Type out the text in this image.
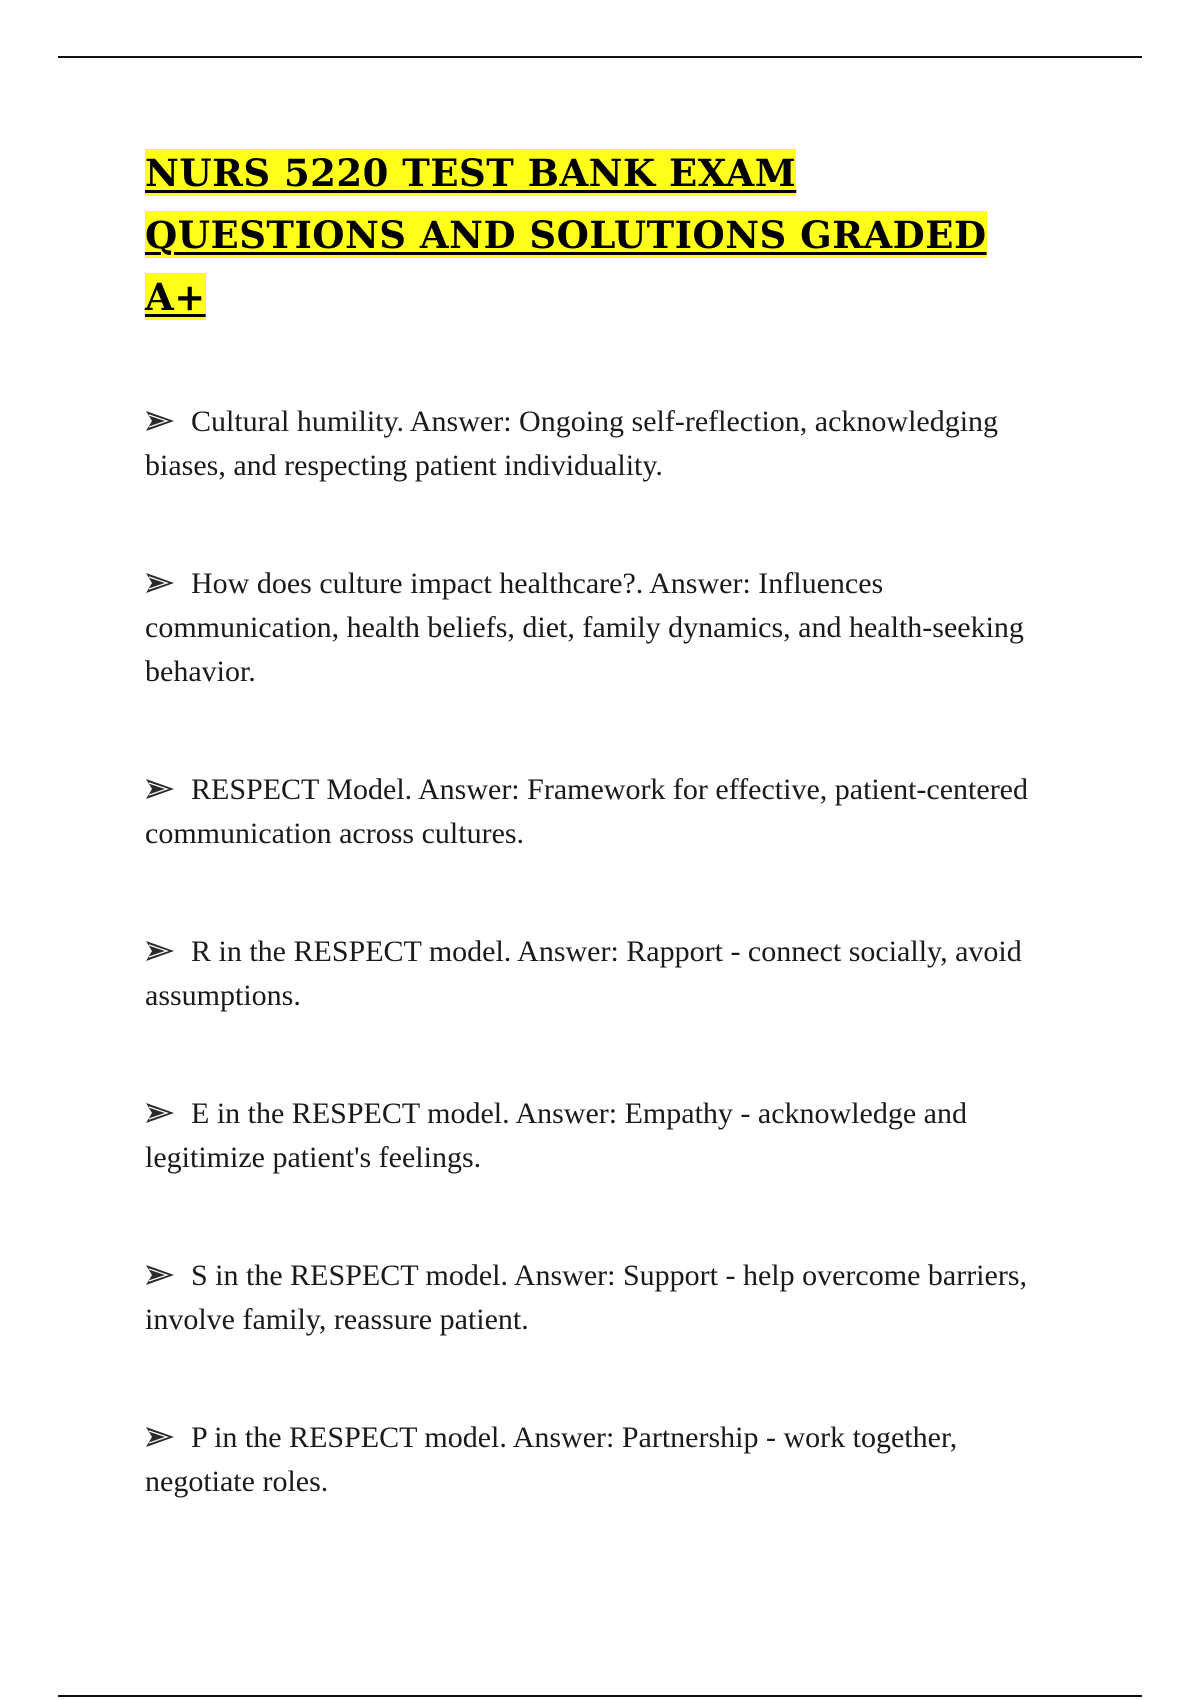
NURS 5220 TEST BANK EXAM QUESTIONS AND SOLUTIONS GRADED A+

Cultural humility. Answer: Ongoing self-reflection, acknowledging biases, and respecting patient individuality.

How does culture impact healthcare?. Answer: Influences communication, health beliefs, diet, family dynamics, and health-seeking behavior.

RESPECT Model. Answer: Framework for effective, patient-centered communication across cultures.

R in the RESPECT model. Answer: Rapport - connect socially, avoid assumptions.

E in the RESPECT model. Answer: Empathy - acknowledge and legitimize patient's feelings.

S in the RESPECT model. Answer: Support - help overcome barriers, involve family, reassure patient.

P in the RESPECT model. Answer: Partnership - work together, negotiate roles.
